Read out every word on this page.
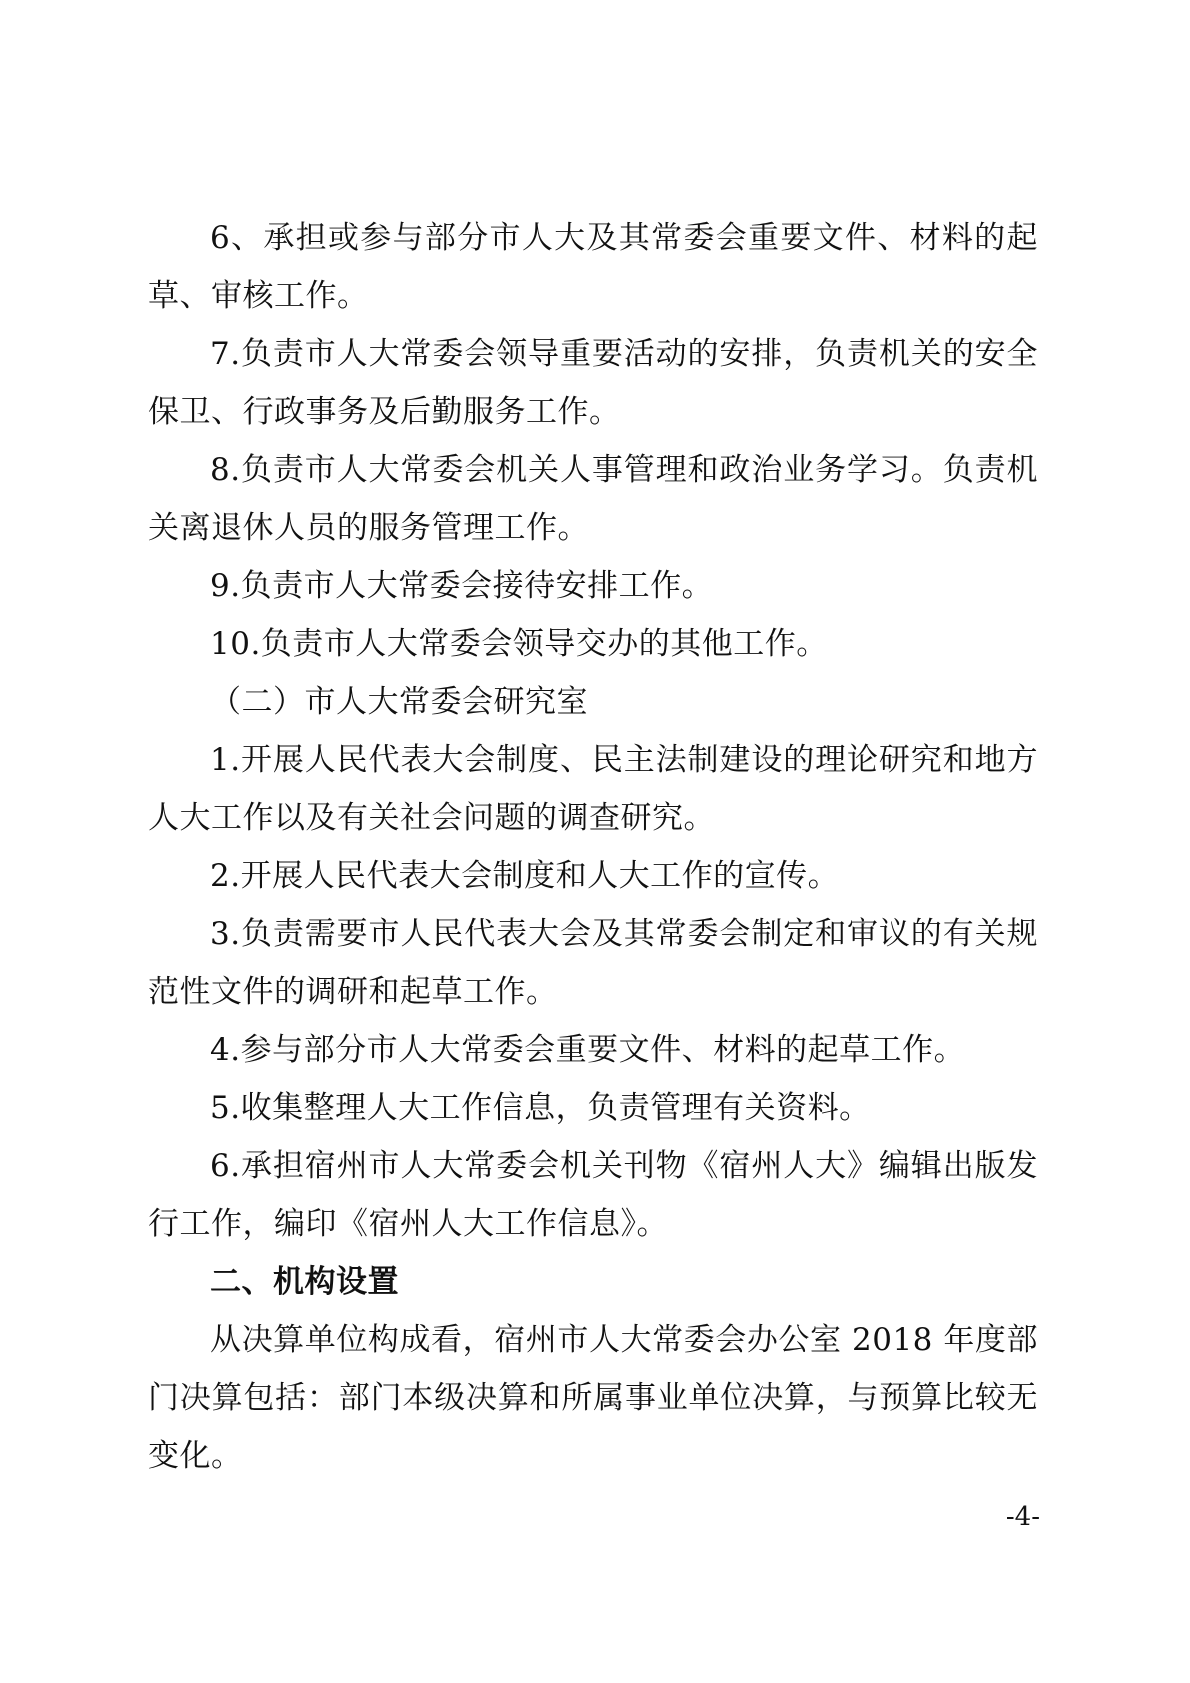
6、承担或参与部分市人大及其常委会重要文件、材料的起草、审核工作。

7.负责市人大常委会领导重要活动的安排，负责机关的安全保卫、行政事务及后勤服务工作。

8.负责市人大常委会机关人事管理和政治业务学习。负责机关离退休人员的服务管理工作。

9.负责市人大常委会接待安排工作。

10.负责市人大常委会领导交办的其他工作。

（二）市人大常委会研究室

1.开展人民代表大会制度、民主法制建设的理论研究和地方人大工作以及有关社会问题的调查研究。

2.开展人民代表大会制度和人大工作的宣传。

3.负责需要市人民代表大会及其常委会制定和审议的有关规范性文件的调研和起草工作。

4.参与部分市人大常委会重要文件、材料的起草工作。

5.收集整理人大工作信息，负责管理有关资料。

6.承担宿州市人大常委会机关刊物《宿州人大》编辑出版发行工作，编印《宿州人大工作信息》。

二、机构设置

从决算单位构成看，宿州市人大常委会办公室 2018 年度部门决算包括：部门本级决算和所属事业单位决算，与预算比较无变化。

-4-
